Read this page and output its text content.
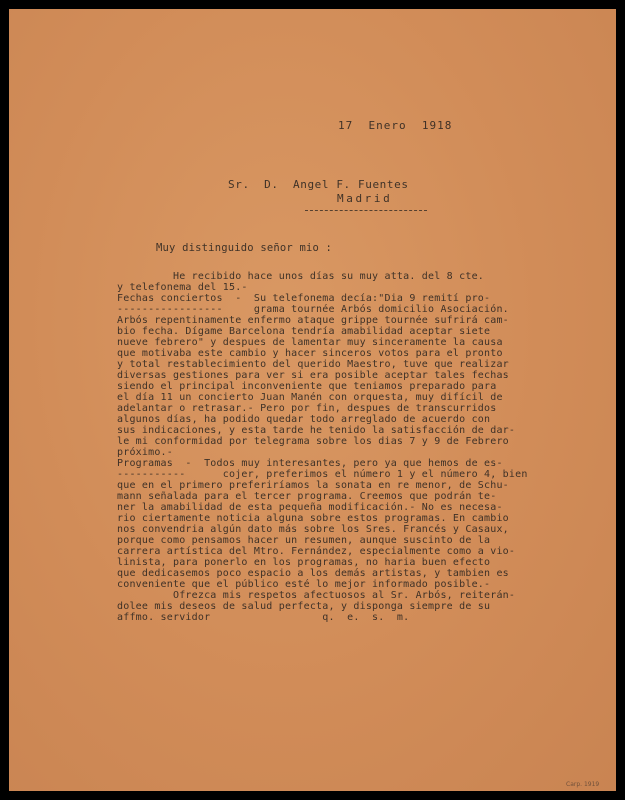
17  Enero  1918
Sr.  D.  Angel F. Fuentes
Madrid
Muy distinguido señor mio :
He recibido hace unos días su muy atta. del 8 cte.
y telefonema del 15.-
Fechas conciertos  -  Su telefonema decía:"Dia 9 remití pro-
-----------------     grama tournée Arbós domicilio Asociación.
Arbós repentinamente enfermo ataque grippe tournée sufrirá cam-
bio fecha. Dígame Barcelona tendría amabilidad aceptar siete
nueve febrero" y despues de lamentar muy sinceramente la causa
que motivaba este cambio y hacer sinceros votos para el pronto
y total restablecimiento del querido Maestro, tuve que realizar
diversas gestiones para ver si era posible aceptar tales fechas
siendo el principal inconveniente que teniamos preparado para
el día 11 un concierto Juan Manén con orquesta, muy difícil de
adelantar o retrasar.- Pero por fin, despues de transcurridos
algunos días, ha podido quedar todo arreglado de acuerdo con
sus indicaciones, y esta tarde he tenido la satisfacción de dar-
le mi conformidad por telegrama sobre los dias 7 y 9 de Febrero
próximo.-
Programas  -  Todos muy interesantes, pero ya que hemos de es-
-----------      cojer, preferimos el número 1 y el número 4, bien
que en el primero preferiríamos la sonata en re menor, de Schu-
mann señalada para el tercer programa. Creemos que podrán te-
ner la amabilidad de esta pequeña modificación.- No es necesa-
rio ciertamente noticia alguna sobre estos programas. En cambio
nos convendria algún dato más sobre los Sres. Francés y Casaux,
porque como pensamos hacer un resumen, aunque suscinto de la
carrera artística del Mtro. Fernández, especialmente como a vio-
linista, para ponerlo en los programas, no haria buen efecto
que dedicasemos poco espacio a los demás artistas, y tambien es
conveniente que el público esté lo mejor informado posible.-
Ofrezca mis respetos afectuosos al Sr. Arbós, reiterán-
dolee mis deseos de salud perfecta, y disponga siempre de su
affmo. servidor                  q.  e.  s.  m.
Carp. 1919
